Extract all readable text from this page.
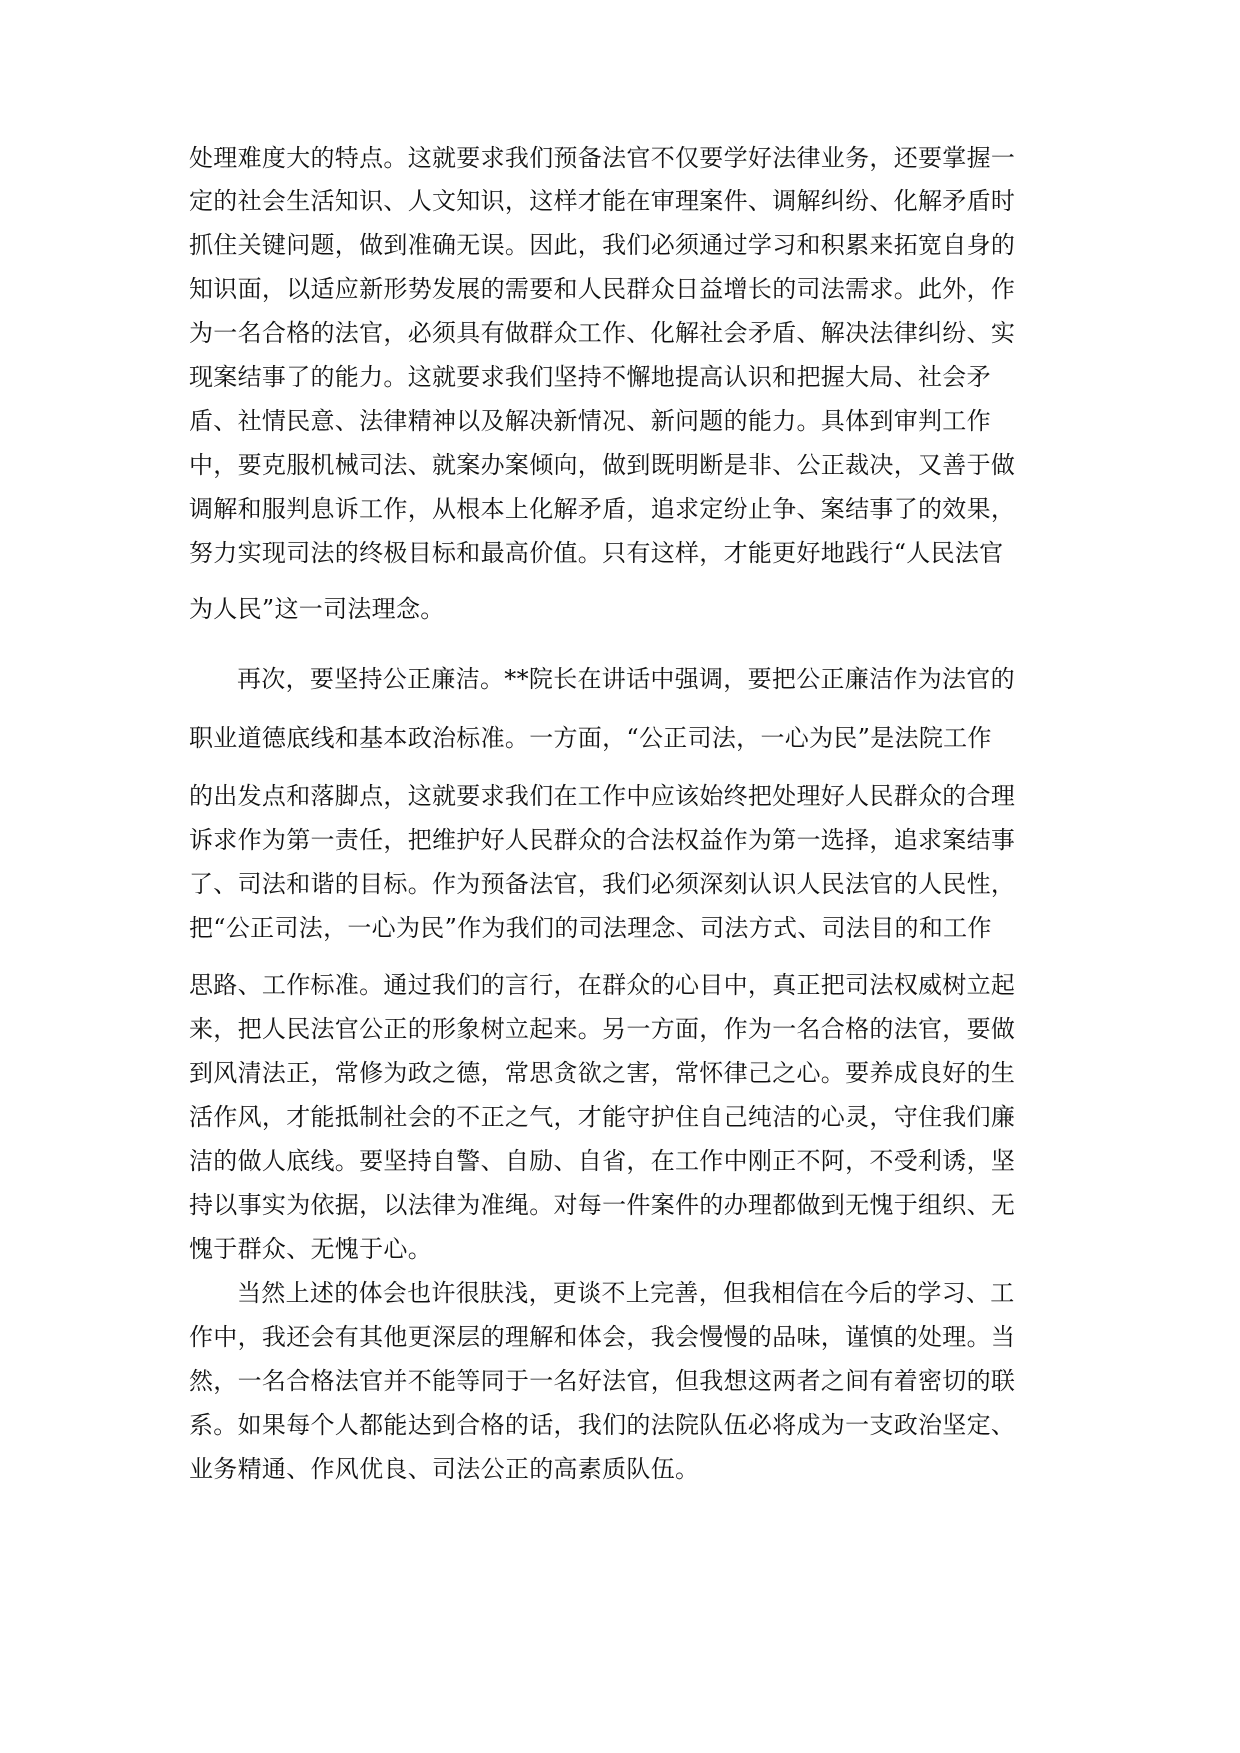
处理难度大的特点。这就要求我们预备法官不仅要学好法律业务，还要掌握一
定的社会生活知识、人文知识，这样才能在审理案件、调解纠纷、化解矛盾时
抓住关键问题，做到准确无误。因此，我们必须通过学习和积累来拓宽自身的
知识面，以适应新形势发展的需要和人民群众日益增长的司法需求。此外，作
为一名合格的法官，必须具有做群众工作、化解社会矛盾、解决法律纠纷、实
现案结事了的能力。这就要求我们坚持不懈地提高认识和把握大局、社会矛
盾、社情民意、法律精神以及解决新情况、新问题的能力。具体到审判工作
中，要克服机械司法、就案办案倾向，做到既明断是非、公正裁决，又善于做
调解和服判息诉工作，从根本上化解矛盾，追求定纷止争、案结事了的效果，
努力实现司法的终极目标和最高价值。只有这样，才能更好地践行“人民法官
为人民”这一司法理念。
再次，要坚持公正廉洁。**院长在讲话中强调，要把公正廉洁作为法官的
职业道德底线和基本政治标准。一方面，“公正司法，一心为民”是法院工作
的出发点和落脚点，这就要求我们在工作中应该始终把处理好人民群众的合理
诉求作为第一责任，把维护好人民群众的合法权益作为第一选择，追求案结事
了、司法和谐的目标。作为预备法官，我们必须深刻认识人民法官的人民性，
把“公正司法，一心为民”作为我们的司法理念、司法方式、司法目的和工作
思路、工作标准。通过我们的言行，在群众的心目中，真正把司法权威树立起
来，把人民法官公正的形象树立起来。另一方面，作为一名合格的法官，要做
到风清法正，常修为政之德，常思贪欲之害，常怀律己之心。要养成良好的生
活作风，才能抵制社会的不正之气，才能守护住自己纯洁的心灵，守住我们廉
洁的做人底线。要坚持自警、自励、自省，在工作中刚正不阿，不受利诱，坚
持以事实为依据，以法律为准绳。对每一件案件的办理都做到无愧于组织、无
愧于群众、无愧于心。
当然上述的体会也许很肤浅，更谈不上完善，但我相信在今后的学习、工
作中，我还会有其他更深层的理解和体会，我会慢慢的品味，谨慎的处理。当
然，一名合格法官并不能等同于一名好法官，但我想这两者之间有着密切的联
系。如果每个人都能达到合格的话，我们的法院队伍必将成为一支政治坚定、
业务精通、作风优良、司法公正的高素质队伍。
